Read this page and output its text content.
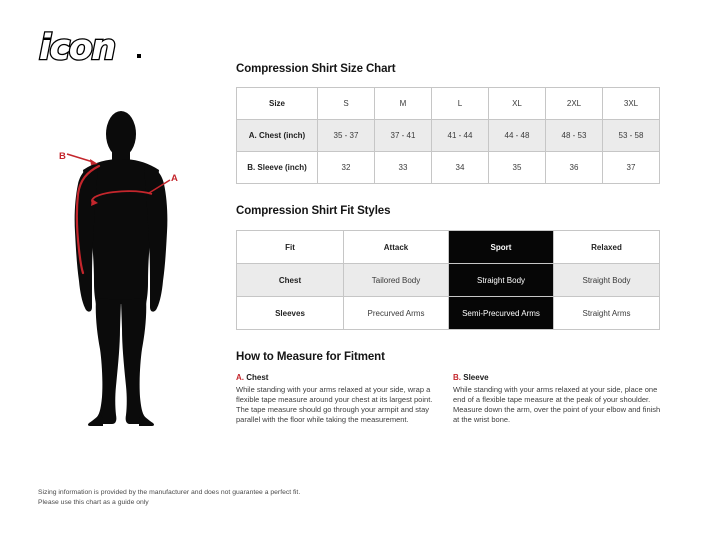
icon
B
A
Compression Shirt Size Chart
Size	S	M	L	XL	2XL	3XL
A. Chest (inch)	35 - 37	37 - 41	41 - 44	44 - 48	48 - 53	53 - 58
B. Sleeve (inch)	32	33	34	35	36	37
Compression Shirt Fit Styles
Fit	Attack	Sport	Relaxed
Chest	Tailored Body	Straight Body	Straight Body
Sleeves	Precurved Arms	Semi-Precurved Arms	Straight Arms
How to Measure for Fitment
A. Chest
While standing with your arms relaxed at your side, wrap a flexible tape measure around your chest at its largest point. The tape measure should go through your armpit and stay parallel with the floor while taking the measurement.
B. Sleeve
While standing with your arms relaxed at your side, place one end of a flexible tape measure at the peak of your shoulder. Measure down the arm, over the point of your elbow and finish at the wrist bone.
Sizing information is provided by the manufacturer and does not guarantee a perfect fit.
Please use this chart as a guide only
